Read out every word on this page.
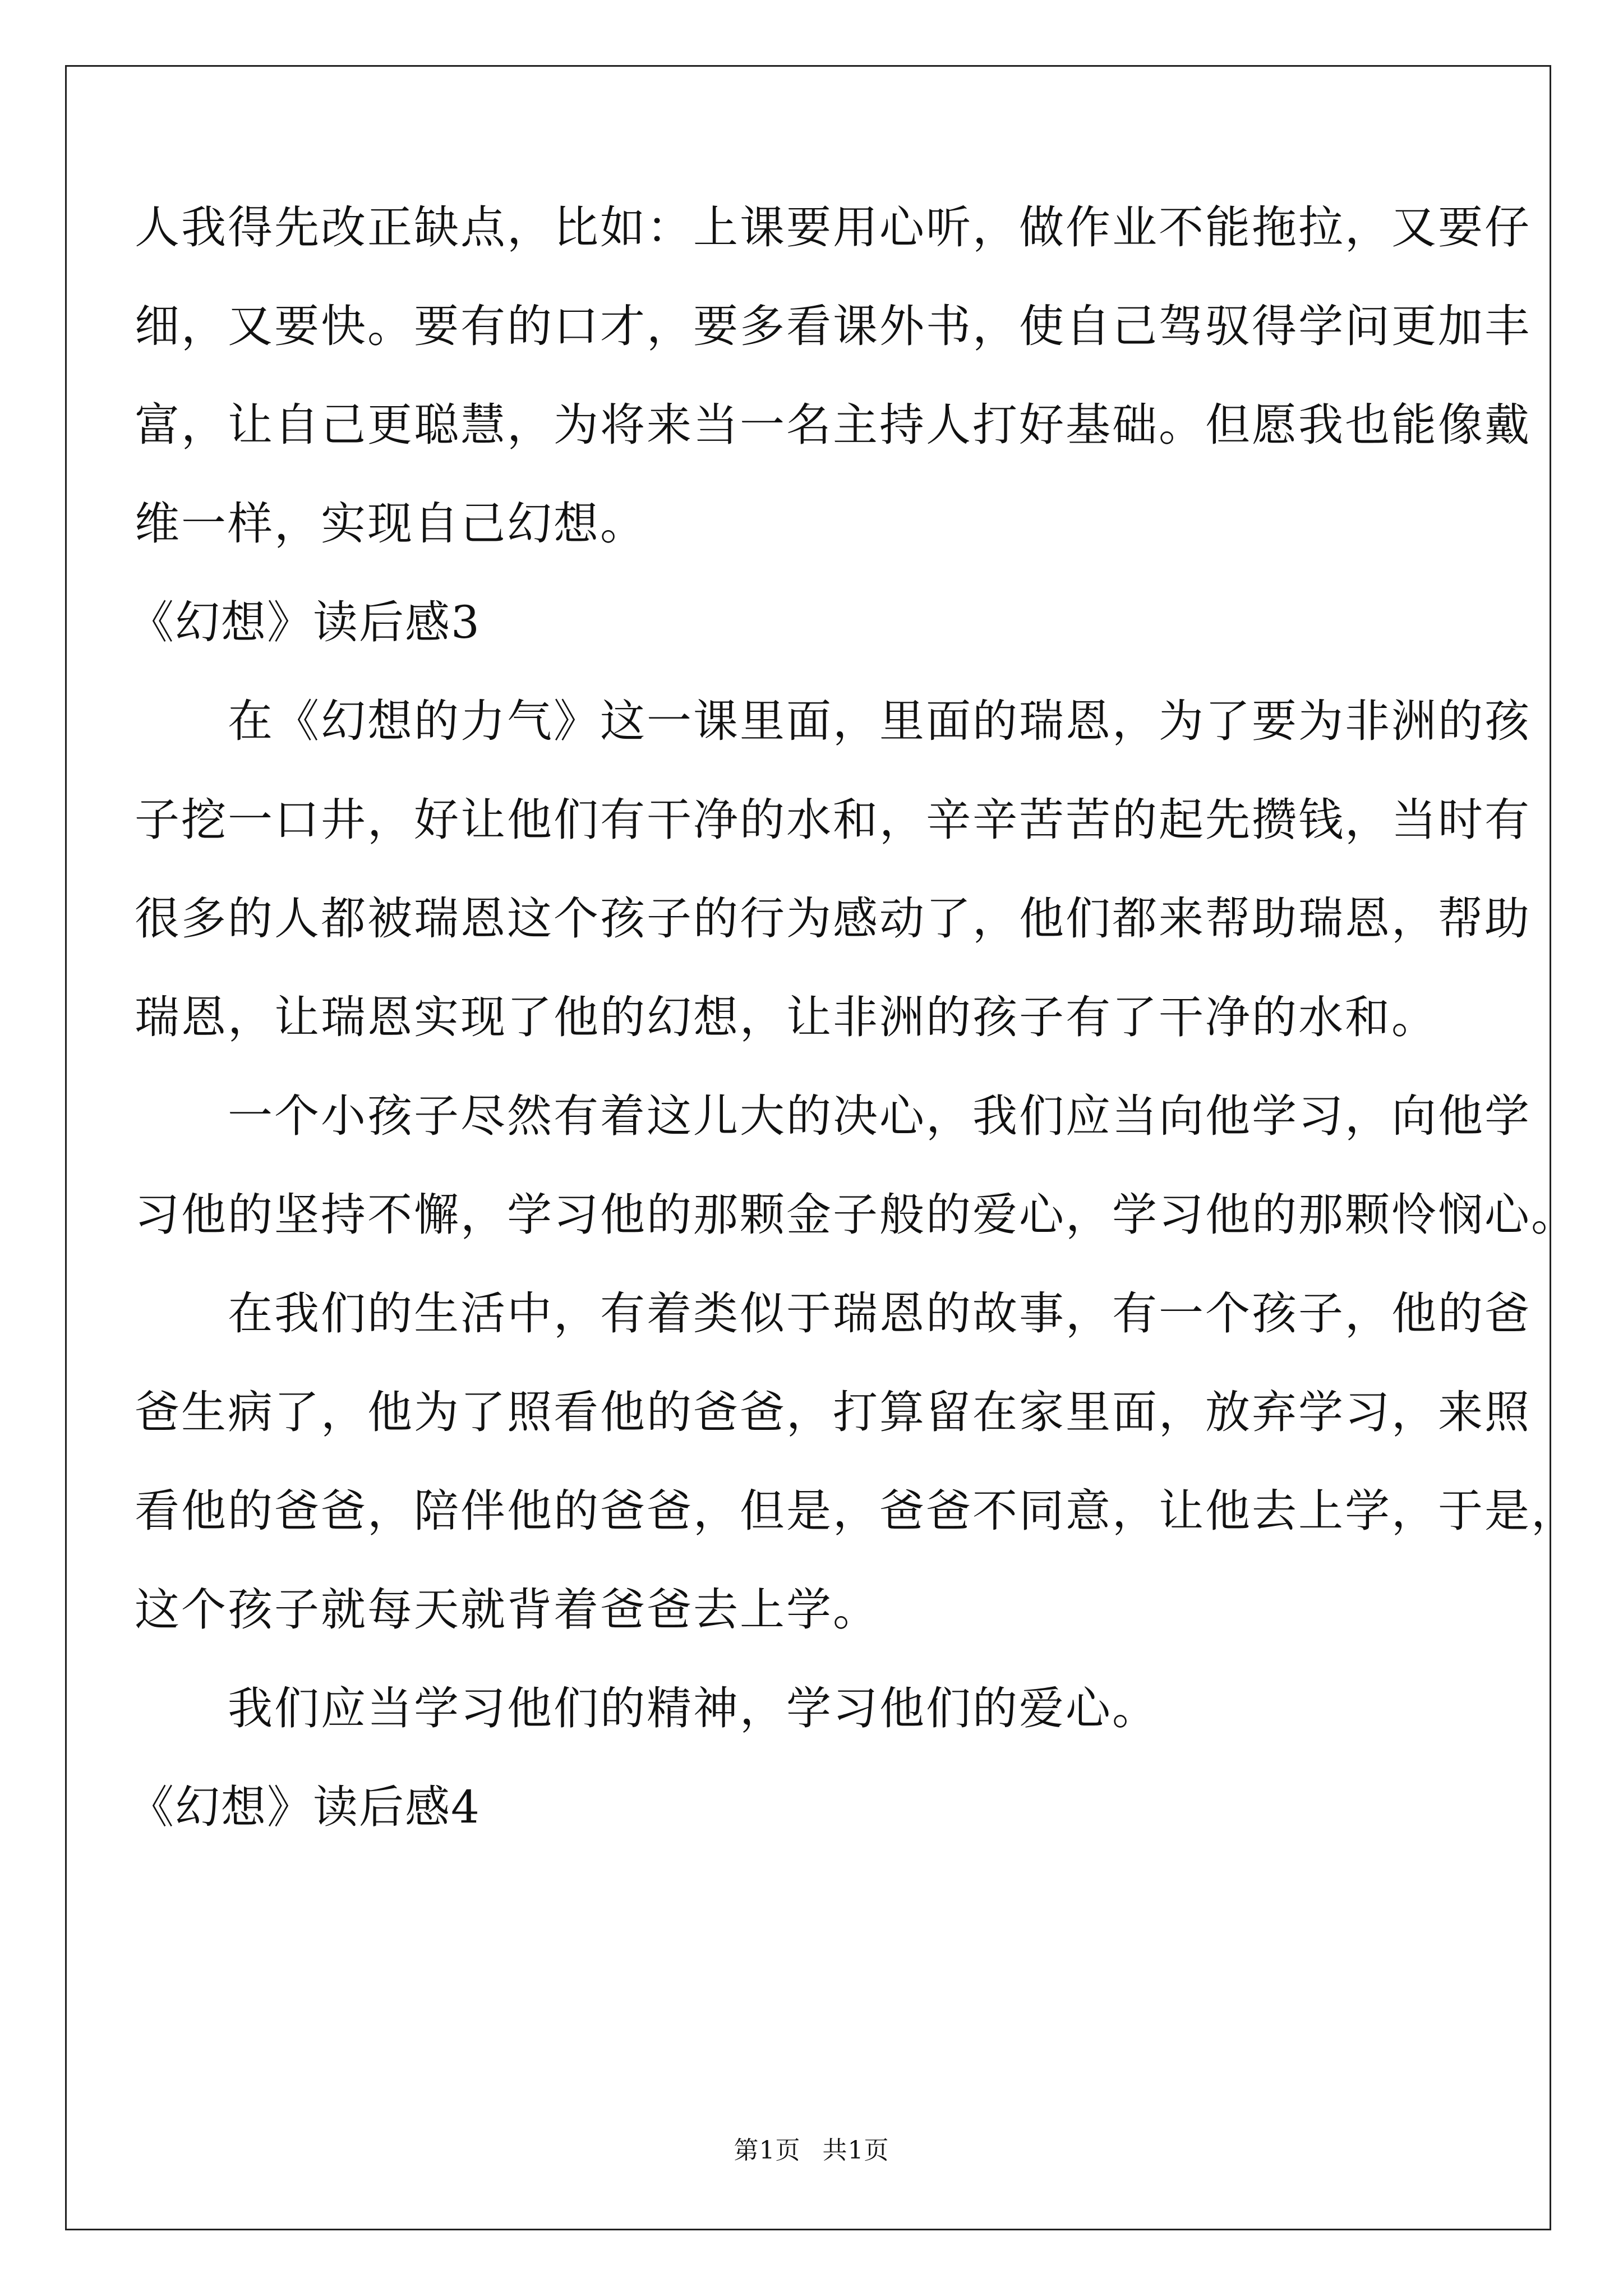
人我得先改正缺点，比如：上课要用心听，做作业不能拖拉，又要仔
细，又要快。要有的口才，要多看课外书，使自己驾驭得学问更加丰
富，让自己更聪慧，为将来当一名主持人打好基础。但愿我也能像戴
维一样，实现自己幻想。
《幻想》读后感3
　　在《幻想的力气》这一课里面，里面的瑞恩，为了要为非洲的孩
子挖一口井，好让他们有干净的水和，辛辛苦苦的起先攒钱，当时有
很多的人都被瑞恩这个孩子的行为感动了，他们都来帮助瑞恩，帮助
瑞恩，让瑞恩实现了他的幻想，让非洲的孩子有了干净的水和。
　　一个小孩子尽然有着这儿大的决心，我们应当向他学习，向他学
习他的坚持不懈，学习他的那颗金子般的爱心，学习他的那颗怜悯心。
　　在我们的生活中，有着类似于瑞恩的故事，有一个孩子，他的爸
爸生病了，他为了照看他的爸爸，打算留在家里面，放弃学习，来照
看他的爸爸，陪伴他的爸爸，但是，爸爸不同意，让他去上学，于是，
这个孩子就每天就背着爸爸去上学。
　　我们应当学习他们的精神，学习他们的爱心。
《幻想》读后感4
第1页 共1页
